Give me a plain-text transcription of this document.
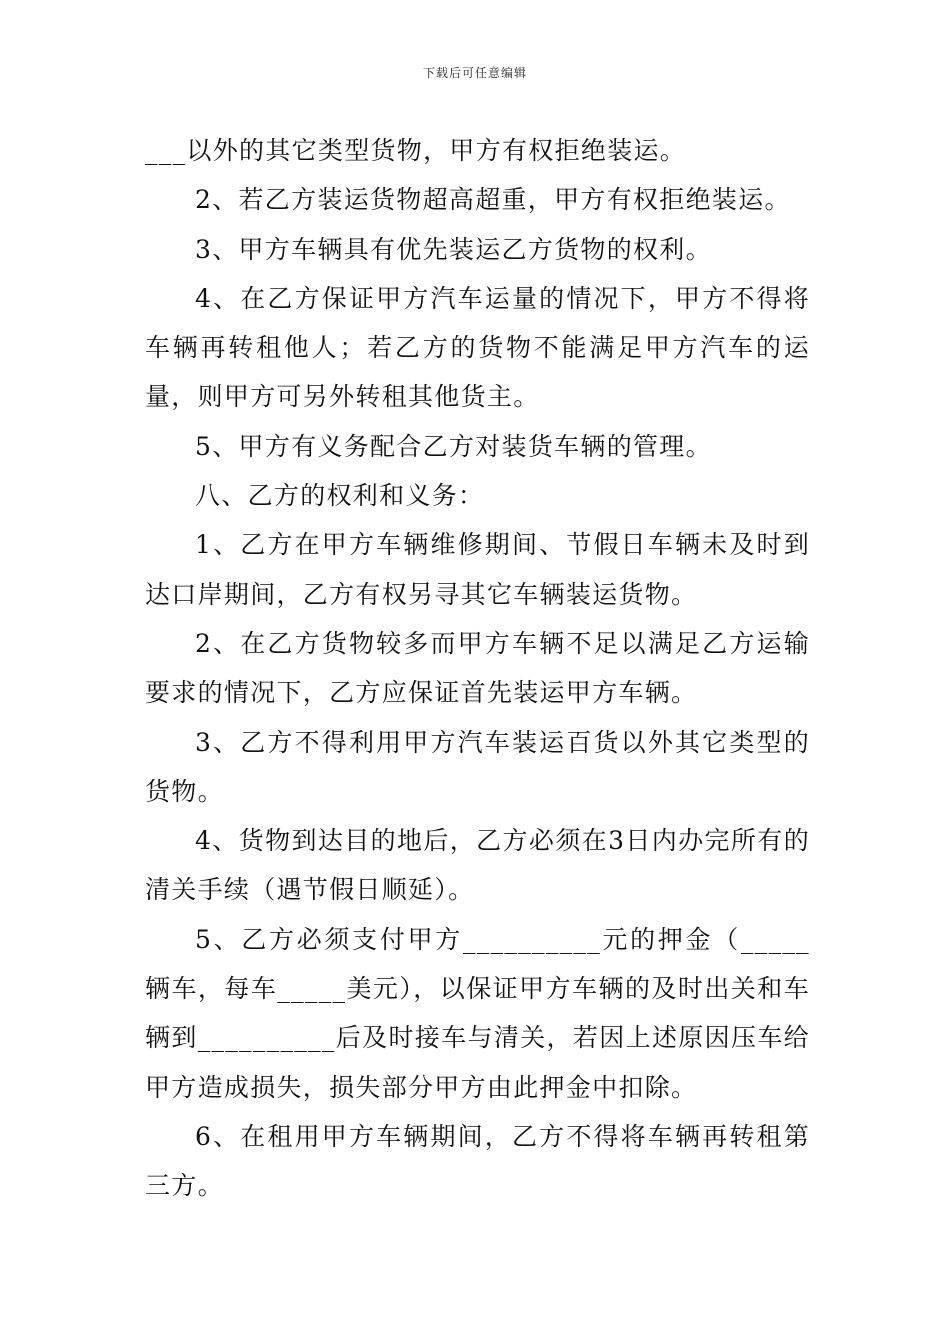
下载后可任意编辑

___以外的其它类型货物，甲方有权拒绝装运。

2、若乙方装运货物超高超重，甲方有权拒绝装运。

3、甲方车辆具有优先装运乙方货物的权利。

4、在乙方保证甲方汽车运量的情况下，甲方不得将车辆再转租他人；若乙方的货物不能满足甲方汽车的运量，则甲方可另外转租其他货主。

5、甲方有义务配合乙方对装货车辆的管理。

八、乙方的权利和义务：

1、乙方在甲方车辆维修期间、节假日车辆未及时到达口岸期间，乙方有权另寻其它车辆装运货物。

2、在乙方货物较多而甲方车辆不足以满足乙方运输要求的情况下，乙方应保证首先装运甲方车辆。

3、乙方不得利用甲方汽车装运百货以外其它类型的货物。

4、货物到达目的地后，乙方必须在3日内办完所有的清关手续（遇节假日顺延）。

5、乙方必须支付甲方__________元的押金（_____辆车，每车_____美元），以保证甲方车辆的及时出关和车辆到__________后及时接车与清关，若因上述原因压车给甲方造成损失，损失部分甲方由此押金中扣除。

6、在租用甲方车辆期间，乙方不得将车辆再转租第三方。
